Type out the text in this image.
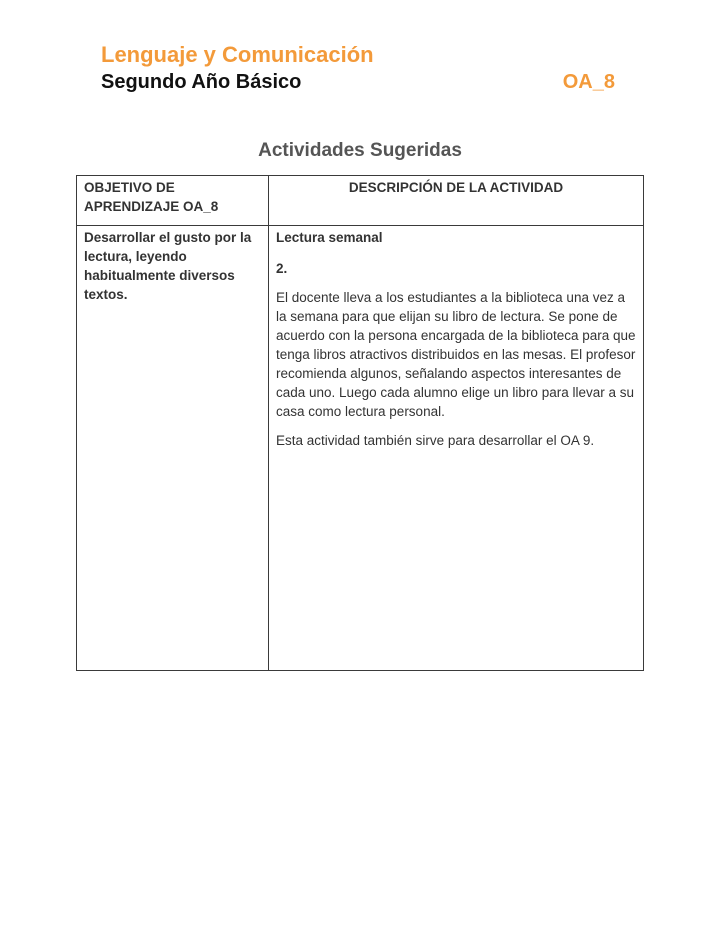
Lenguaje y Comunicación
Segundo Año Básico	OA_8
Actividades Sugeridas
OBJETIVO DE APRENDIZAJE OA_8	DESCRIPCIÓN DE LA ACTIVIDAD
Desarrollar el gusto por la lectura, leyendo habitualmente diversos textos.	Lectura semanal

2.

El docente lleva a los estudiantes a la biblioteca una vez a la semana para que elijan su libro de lectura. Se pone de acuerdo con la persona encargada de la biblioteca para que tenga libros atractivos distribuidos en las mesas. El profesor recomienda algunos, señalando aspectos interesantes de cada uno. Luego cada alumno elige un libro para llevar a su casa como lectura personal.

Esta actividad también sirve para desarrollar el OA 9.
